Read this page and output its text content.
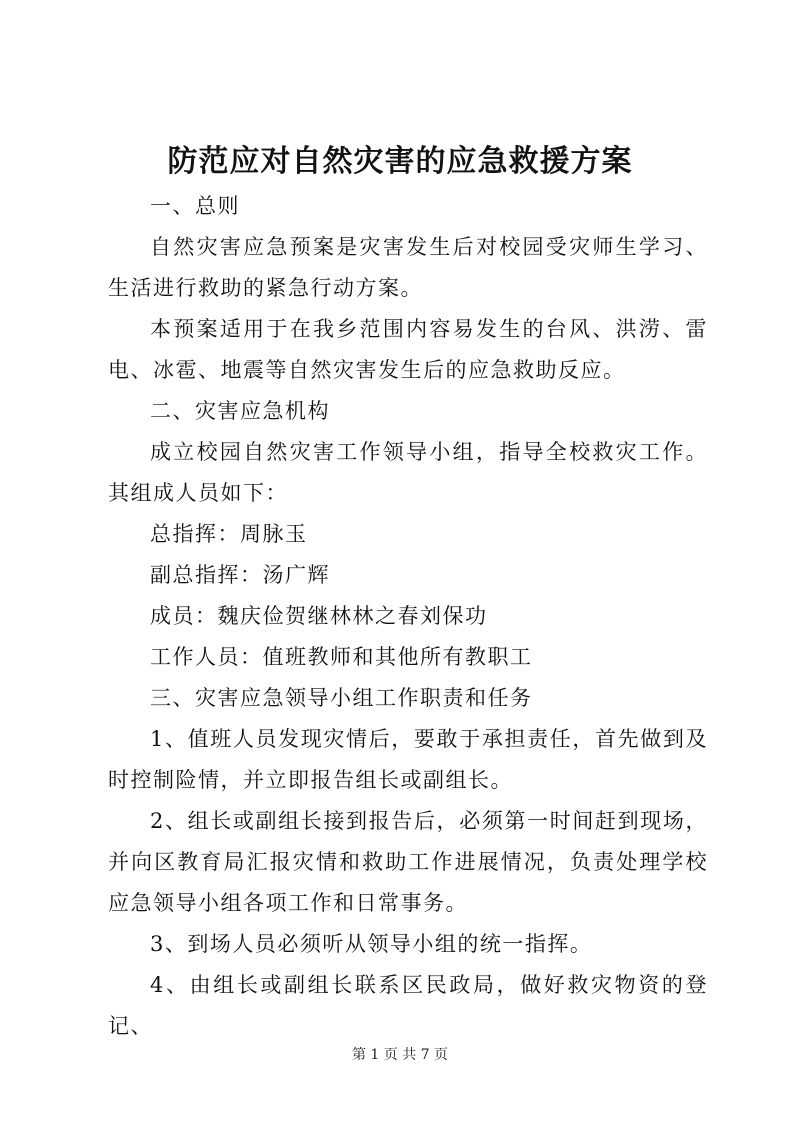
防范应对自然灾害的应急救援方案

一、总则

自然灾害应急预案是灾害发生后对校园受灾师生学习、生活进行救助的紧急行动方案。

本预案适用于在我乡范围内容易发生的台风、洪涝、雷电、冰雹、地震等自然灾害发生后的应急救助反应。

二、灾害应急机构

成立校园自然灾害工作领导小组，指导全校救灾工作。其组成人员如下：

总指挥：周脉玉

副总指挥：汤广辉

成员：魏庆俭贺继林林之春刘保功

工作人员：值班教师和其他所有教职工

三、灾害应急领导小组工作职责和任务

1、值班人员发现灾情后，要敢于承担责任，首先做到及时控制险情，并立即报告组长或副组长。

2、组长或副组长接到报告后，必须第一时间赶到现场，并向区教育局汇报灾情和救助工作进展情况，负责处理学校应急领导小组各项工作和日常事务。

3、到场人员必须听从领导小组的统一指挥。

4、由组长或副组长联系区民政局，做好救灾物资的登记、

第 1 页 共 7 页
